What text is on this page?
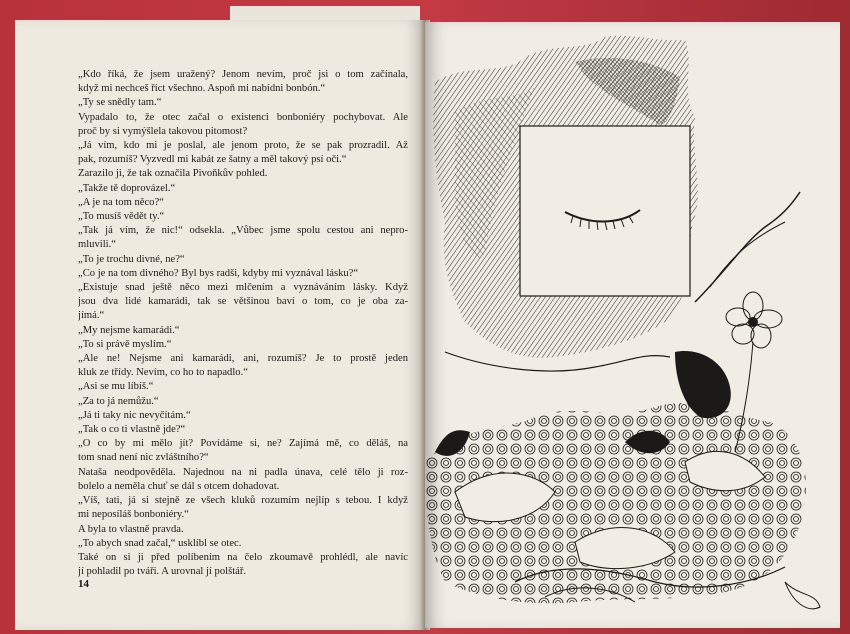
„Kdo říká, že jsem uražený? Jenom nevím, proč jsi o tom začínala,
když mi nechceš říct všechno. Aspoň mi nabídni bonbón.“
„Ty se snědly tam.“
Vypadalo to, že otec začal o existenci bonboniéry pochybovat. Ale
proč by si vymýšlela takovou pitomost?
„Já vím, kdo mi je poslal, ale jenom proto, že se pak prozradil. Až
pak, rozumíš? Vyzvedl mi kabát ze šatny a měl takový psí oči.“
Zarazilo ji, že tak označila Pivoňkův pohled.
„Takže tě doprovázel.“
„A je na tom něco?“
„To musíš vědět ty.“
„Tak já vím, že nic!“ odsekla. „Vůbec jsme spolu cestou ani nepro-
mluvili.“
„To je trochu divné, ne?“
„Co je na tom divného? Byl bys radši, kdyby mi vyznával lásku?“
„Existuje snad ještě něco mezi mlčením a vyznáváním lásky. Když
jsou dva lidé kamarádi, tak se většinou baví o tom, co je oba za-
jímá.“
„My nejsme kamarádi.“
„To si právě myslím.“
„Ale ne! Nejsme ani kamarádi, ani, rozumíš? Je to prostě jeden
kluk ze třídy. Nevím, co ho to napadlo.“
„Asi se mu líbíš.“
„Za to já nemůžu.“
„Já ti taky nic nevyčítám.“
„Tak o co ti vlastně jde?“
„O co by mi mělo jít? Povídáme si, ne? Zajímá mě, co děláš, na
tom snad není nic zvláštního?“
Nataša neodpověděla. Najednou na ni padla únava, celé tělo ji roz-
bolelo a neměla chuť se dál s otcem dohadovat.
„Víš, tati, já si stejně ze všech kluků rozumím nejlíp s tebou. I když
mi neposíláš bonboniéry.“
A byla to vlastně pravda.
„To abych snad začal,“ usklíbl se otec.
Také on si ji před políbením na čelo zkoumavě prohlédl, ale navíc
jí pohladil po tváři. A urovnal jí polštář.
14
